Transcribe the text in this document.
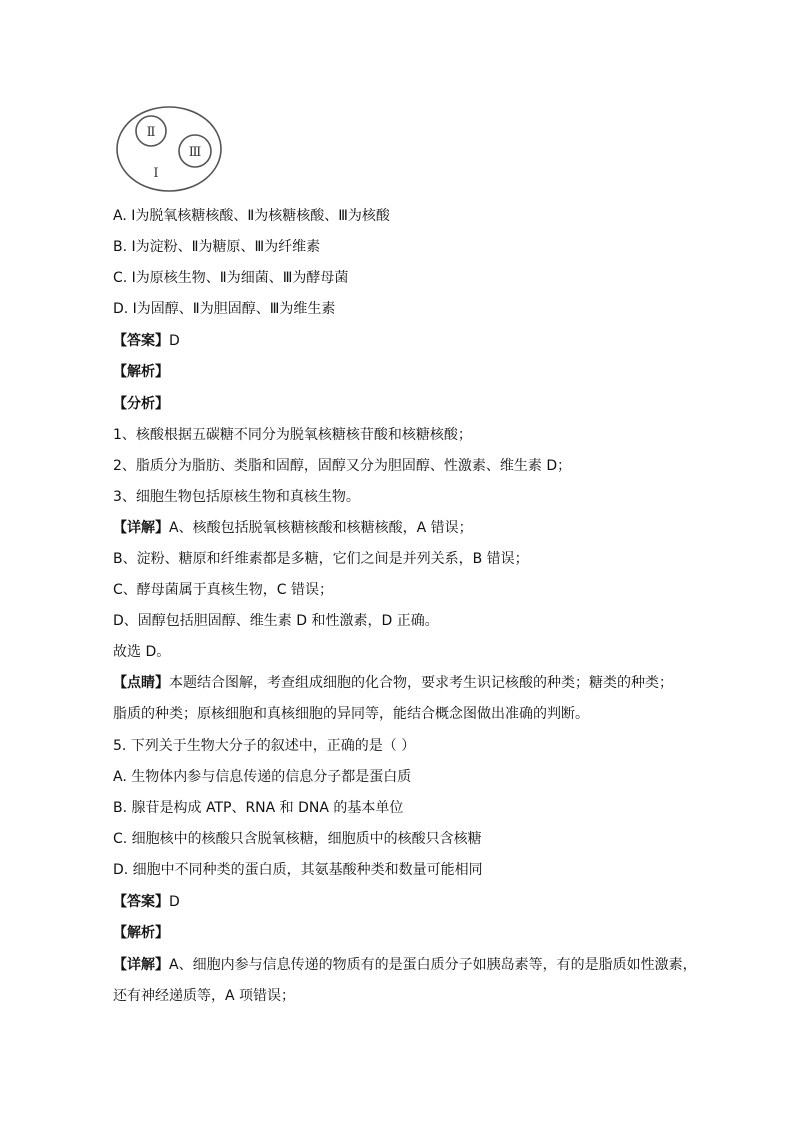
Ⅱ
Ⅲ
Ⅰ
A. Ⅰ为脱氧核糖核酸、Ⅱ为核糖核酸、Ⅲ为核酸
B. Ⅰ为淀粉、Ⅱ为糖原、Ⅲ为纤维素
C. Ⅰ为原核生物、Ⅱ为细菌、Ⅲ为酵母菌
D. Ⅰ为固醇、Ⅱ为胆固醇、Ⅲ为维生素
【答案】D
【解析】
【分析】
1、核酸根据五碳糖不同分为脱氧核糖核苷酸和核糖核酸；
2、脂质分为脂肪、类脂和固醇，固醇又分为胆固醇、性激素、维生素 D；
3、细胞生物包括原核生物和真核生物。
【详解】A、核酸包括脱氧核糖核酸和核糖核酸，A 错误；
B、淀粉、糖原和纤维素都是多糖，它们之间是并列关系，B 错误；
C、酵母菌属于真核生物，C 错误；
D、固醇包括胆固醇、维生素 D 和性激素，D 正确。
故选 D。
【点睛】本题结合图解，考查组成细胞的化合物，要求考生识记核酸的种类；糖类的种类；
脂质的种类；原核细胞和真核细胞的异同等，能结合概念图做出准确的判断。
5. 下列关于生物大分子的叙述中，正确的是（ ）
A. 生物体内参与信息传递的信息分子都是蛋白质
B. 腺苷是构成 ATP、RNA 和 DNA 的基本单位
C. 细胞核中的核酸只含脱氧核糖，细胞质中的核酸只含核糖
D. 细胞中不同种类的蛋白质，其氨基酸种类和数量可能相同
【答案】D
【解析】
【详解】A、细胞内参与信息传递的物质有的是蛋白质分子如胰岛素等，有的是脂质如性激素，
还有神经递质等，A 项错误；
